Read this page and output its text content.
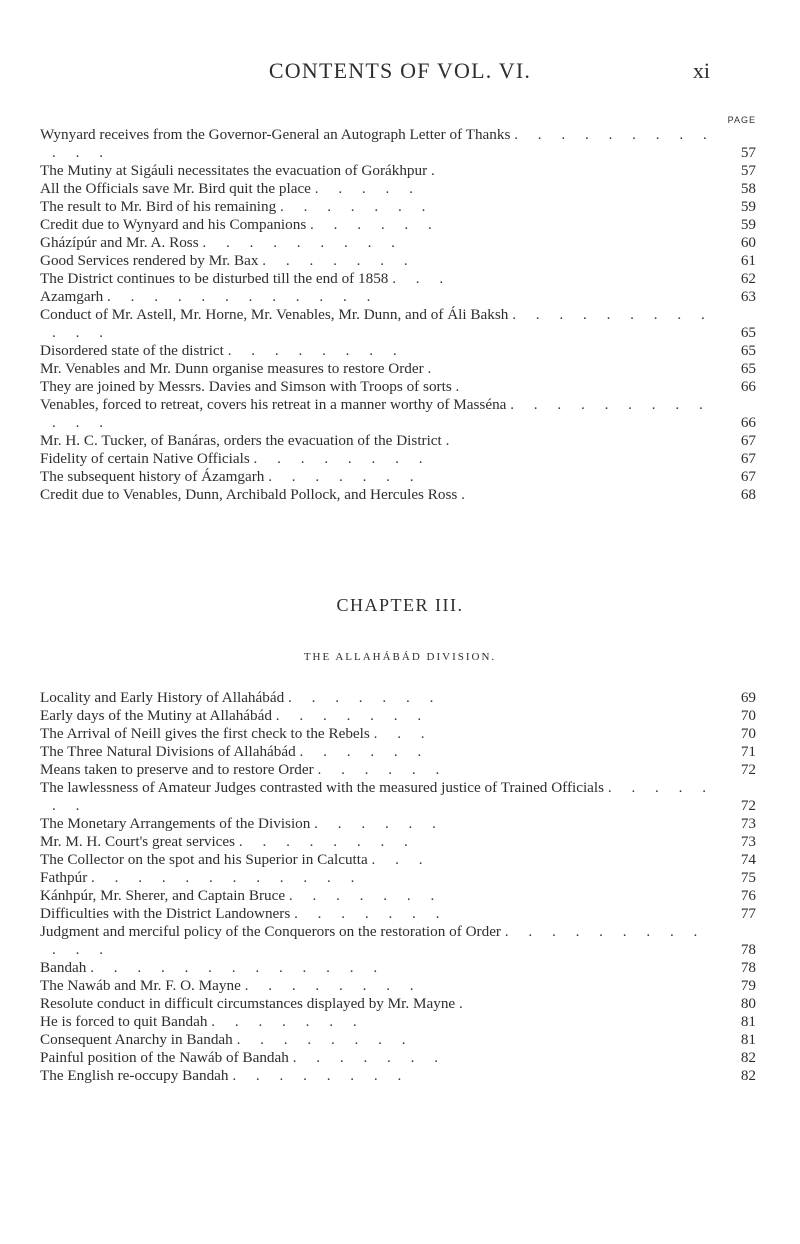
CONTENTS OF VOL. VI.	xi
PAGE
Wynyard receives from the Governor-General an Autograph Letter of Thanks . . . . . . . . . . . .	57
The Mutiny at Sigáuli necessitates the evacuation of Gorákhpur .	57
All the Officials save Mr. Bird quit the place . . . . .	58
The result to Mr. Bird of his remaining . . . . . . .	59
Credit due to Wynyard and his Companions . . . . . .	59
Gházípúr and Mr. A. Ross . . . . . . . . .	60
Good Services rendered by Mr. Bax . . . . . . .	61
The District continues to be disturbed till the end of 1858 . . .	62
Azamgarh . . . . . . . . . . . .	63
Conduct of Mr. Astell, Mr. Horne, Mr. Venables, Mr. Dunn, and of Áli Baksh . . . . . . . . . . . .	65
Disordered state of the district . . . . . . . .	65
Mr. Venables and Mr. Dunn organise measures to restore Order .	65
They are joined by Messrs. Davies and Simson with Troops of sorts .	66
Venables, forced to retreat, covers his retreat in a manner worthy of Masséna . . . . . . . . . . . .	66
Mr. H. C. Tucker, of Banáras, orders the evacuation of the District .	67
Fidelity of certain Native Officials . . . . . . . .	67
The subsequent history of Ázamgarh . . . . . . .	67
Credit due to Venables, Dunn, Archibald Pollock, and Hercules Ross .	68
CHAPTER III.
THE ALLAHÁBÁD DIVISION.
Locality and Early History of Allahábád . . . . . . .	69
Early days of the Mutiny at Allahábád . . . . . . .	70
The Arrival of Neill gives the first check to the Rebels . . .	70
The Three Natural Divisions of Allahábád . . . . . .	71
Means taken to preserve and to restore Order . . . . . .	72
The lawlessness of Amateur Judges contrasted with the measured justice of Trained Officials . . . . . . .	72
The Monetary Arrangements of the Division . . . . . .	73
Mr. M. H. Court's great services . . . . . . . .	73
The Collector on the spot and his Superior in Calcutta . . .	74
Fathpúr . . . . . . . . . . . .	75
Kánhpúr, Mr. Sherer, and Captain Bruce . . . . . . .	76
Difficulties with the District Landowners . . . . . . .	77
Judgment and merciful policy of the Conquerors on the restoration of Order . . . . . . . . . . . .	78
Bandah . . . . . . . . . . . . .	78
The Nawáb and Mr. F. O. Mayne . . . . . . . .	79
Resolute conduct in difficult circumstances displayed by Mr. Mayne .	80
He is forced to quit Bandah . . . . . . .	81
Consequent Anarchy in Bandah . . . . . . . .	81
Painful position of the Nawáb of Bandah . . . . . . .	82
The English re-occupy Bandah . . . . . . . .	82
